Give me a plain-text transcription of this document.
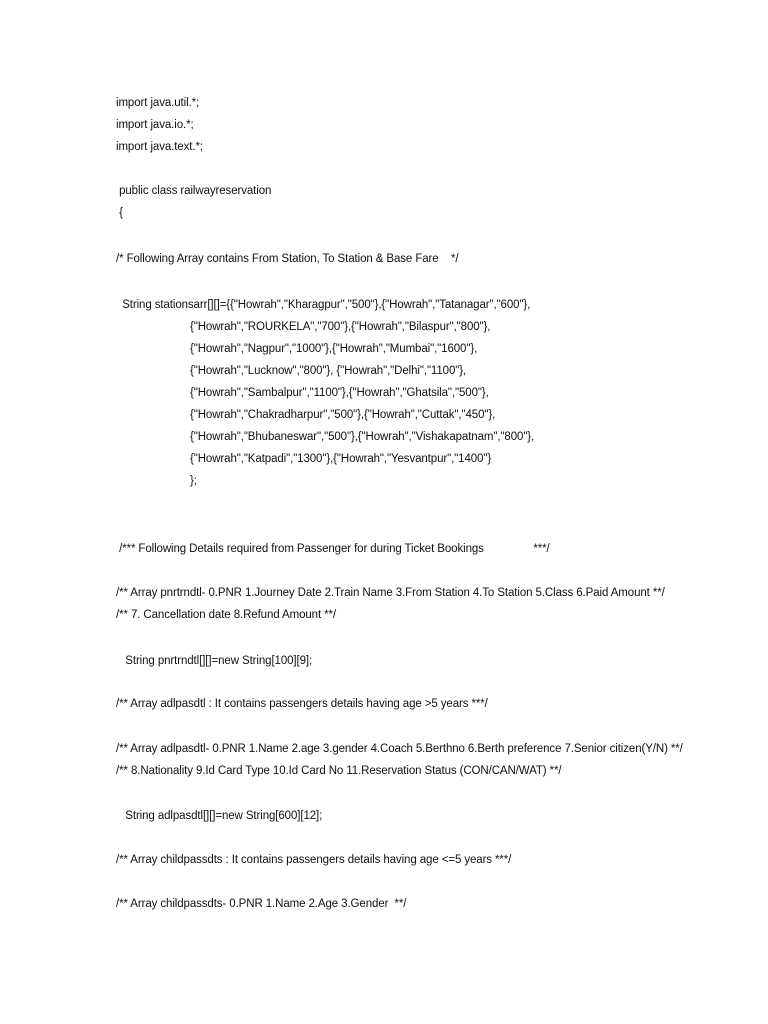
import java.util.*;
import java.io.*;
import java.text.*;
public class railwayreservation
{
/* Following Array contains From Station, To Station & Base Fare    */
String stationsarr[][]={{"Howrah","Kharagpur","500"},{"Howrah","Tatanagar","600"},
{"Howrah","ROURKELA","700"},{"Howrah","Bilaspur","800"},
{"Howrah","Nagpur","1000"},{"Howrah","Mumbai","1600"},
{"Howrah","Lucknow","800"}, {"Howrah","Delhi","1100"},
{"Howrah","Sambalpur","1100"},{"Howrah","Ghatsila","500"},
{"Howrah","Chakradharpur","500"},{"Howrah","Cuttak","450"},
{"Howrah","Bhubaneswar","500"},{"Howrah","Vishakapatnam","800"},
{"Howrah","Katpadi","1300"},{"Howrah","Yesvantpur","1400"}
};
/*** Following Details required from Passenger for during Ticket Bookings                ***/
/** Array pnrtrndtl- 0.PNR 1.Journey Date 2.Train Name 3.From Station 4.To Station 5.Class 6.Paid Amount **/
/** 7. Cancellation date 8.Refund Amount **/
String pnrtrndtl[][]=new String[100][9];
/** Array adlpasdtl : It contains passengers details having age >5 years ***/
/** Array adlpasdtl- 0.PNR 1.Name 2.age 3.gender 4.Coach 5.Berthno 6.Berth preference 7.Senior citizen(Y/N) **/
/** 8.Nationality 9.Id Card Type 10.Id Card No 11.Reservation Status (CON/CAN/WAT) **/
String adlpasdtl[][]=new String[600][12];
/** Array childpassdts : It contains passengers details having age <=5 years ***/
/** Array childpassdts- 0.PNR 1.Name 2.Age 3.Gender  **/
